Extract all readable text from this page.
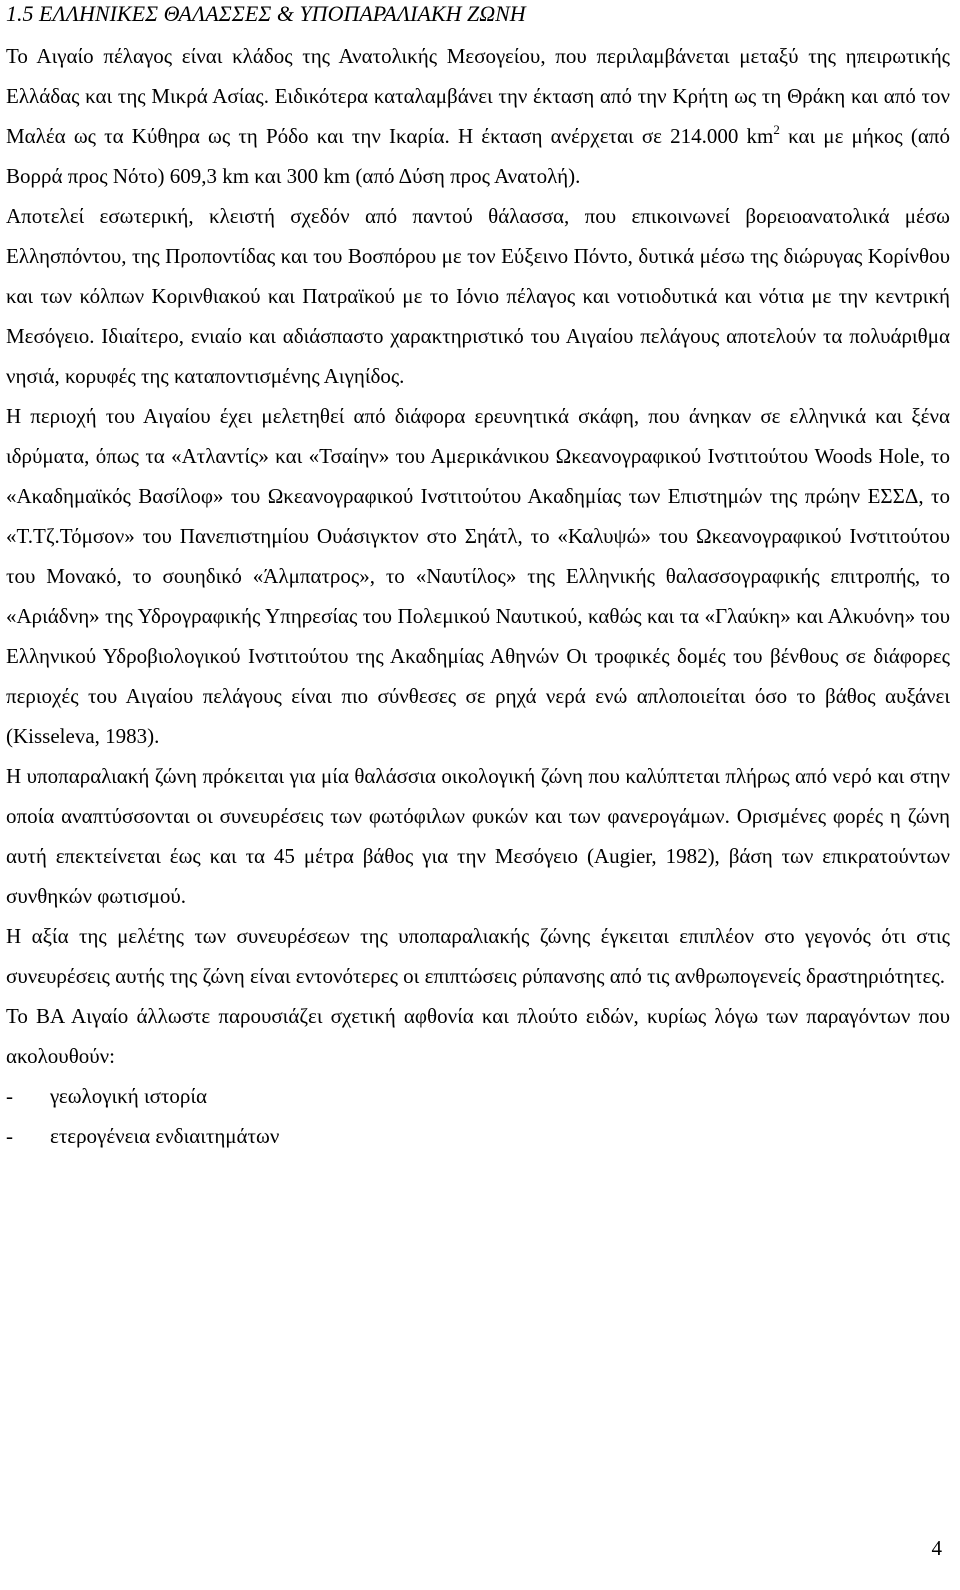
1.5 ΕΛΛΗΝΙΚΕΣ ΘΑΛΑΣΣΕΣ & ΥΠΟΠΑΡΑΛΙΑΚΗ ΖΩΝΗ

Το Αιγαίο πέλαγος είναι κλάδος της Ανατολικής Μεσογείου, που περιλαμβάνεται μεταξύ της ηπειρωτικής Ελλάδας και της Μικρά Ασίας. Ειδικότερα καταλαμβάνει την έκταση από την Κρήτη ως τη Θράκη και από τον Μαλέα ως τα Κύθηρα ως τη Ρόδο και την Ικαρία. Η έκταση ανέρχεται σε 214.000 $km^2$ και με μήκος (από Βορρά προς Νότο) 609,3 km και 300 km (από Δύση προς Ανατολή).

Αποτελεί εσωτερική, κλειστή σχεδόν από παντού θάλασσα, που επικοινωνεί βορειοανατολικά μέσω Ελλησπόντου, της Προποντίδας και του Βοσπόρου με τον Εύξεινο Πόντο, δυτικά μέσω της διώρυγας Κορίνθου και των κόλπων Κορινθιακού και Πατραϊκού με το Ιόνιο πέλαγος και νοτιοδυτικά και νότια με την κεντρική Μεσόγειο. Ιδιαίτερο, ενιαίο και αδιάσπαστο χαρακτηριστικό του Αιγαίου πελάγους αποτελούν τα πολυάριθμα νησιά, κορυφές της καταποντισμένης Αιγηίδος.

Η περιοχή του Αιγαίου έχει μελετηθεί από διάφορα ερευνητικά σκάφη, που άνηκαν σε ελληνικά και ξένα ιδρύματα, όπως τα «Ατλαντίς» και «Τσαίην» του Αμερικάνικου Ωκεανογραφικού Ινστιτούτου Woods Hole, το «Ακαδημαϊκός Βασίλοφ» του Ωκεανογραφικού Ινστιτούτου Ακαδημίας των Επιστημών της πρώην ΕΣΣΔ, το «Τ.Τζ.Τόμσον» του Πανεπιστημίου Ουάσιγκτον στο Σηάτλ, το «Καλυψώ» του Ωκεανογραφικού Ινστιτούτου του Μονακό, το σουηδικό «Άλμπατρος», το «Ναυτίλος» της Ελληνικής θαλασσογραφικής επιτροπής, το «Αριάδνη» της Υδρογραφικής Υπηρεσίας του Πολεμικού Ναυτικού, καθώς και τα «Γλαύκη» και Αλκυόνη» του Ελληνικού Υδροβιολογικού Ινστιτούτου της Ακαδημίας Αθηνών Οι τροφικές δομές του βένθους σε διάφορες περιοχές του Αιγαίου πελάγους είναι πιο σύνθεσες σε ρηχά νερά ενώ απλοποιείται όσο το βάθος αυξάνει (Kisseleva, 1983).

Η υποπαραλιακή ζώνη πρόκειται για μία θαλάσσια οικολογική ζώνη που καλύπτεται πλήρως από νερό και στην οποία αναπτύσσονται οι συνευρέσεις των φωτόφιλων φυκών και των φανερογάμων. Ορισμένες φορές η ζώνη αυτή επεκτείνεται έως και τα 45 μέτρα βάθος για την Μεσόγειο (Augier, 1982), βάση των επικρατούντων συνθηκών φωτισμού.

Η αξία της μελέτης των συνευρέσεων της υποπαραλιακής ζώνης έγκειται επιπλέον στο γεγονός ότι στις συνευρέσεις αυτής της ζώνη είναι εντονότερες οι επιπτώσεις ρύπανσης από τις ανθρωπογενείς δραστηριότητες.

Το ΒΑ Αιγαίο άλλωστε παρουσιάζει σχετική αφθονία και πλούτο ειδών, κυρίως λόγω των παραγόντων που ακολουθούν:

-	γεωλογική ιστορία
-	ετερογένεια ενδιαιτημάτων
4
